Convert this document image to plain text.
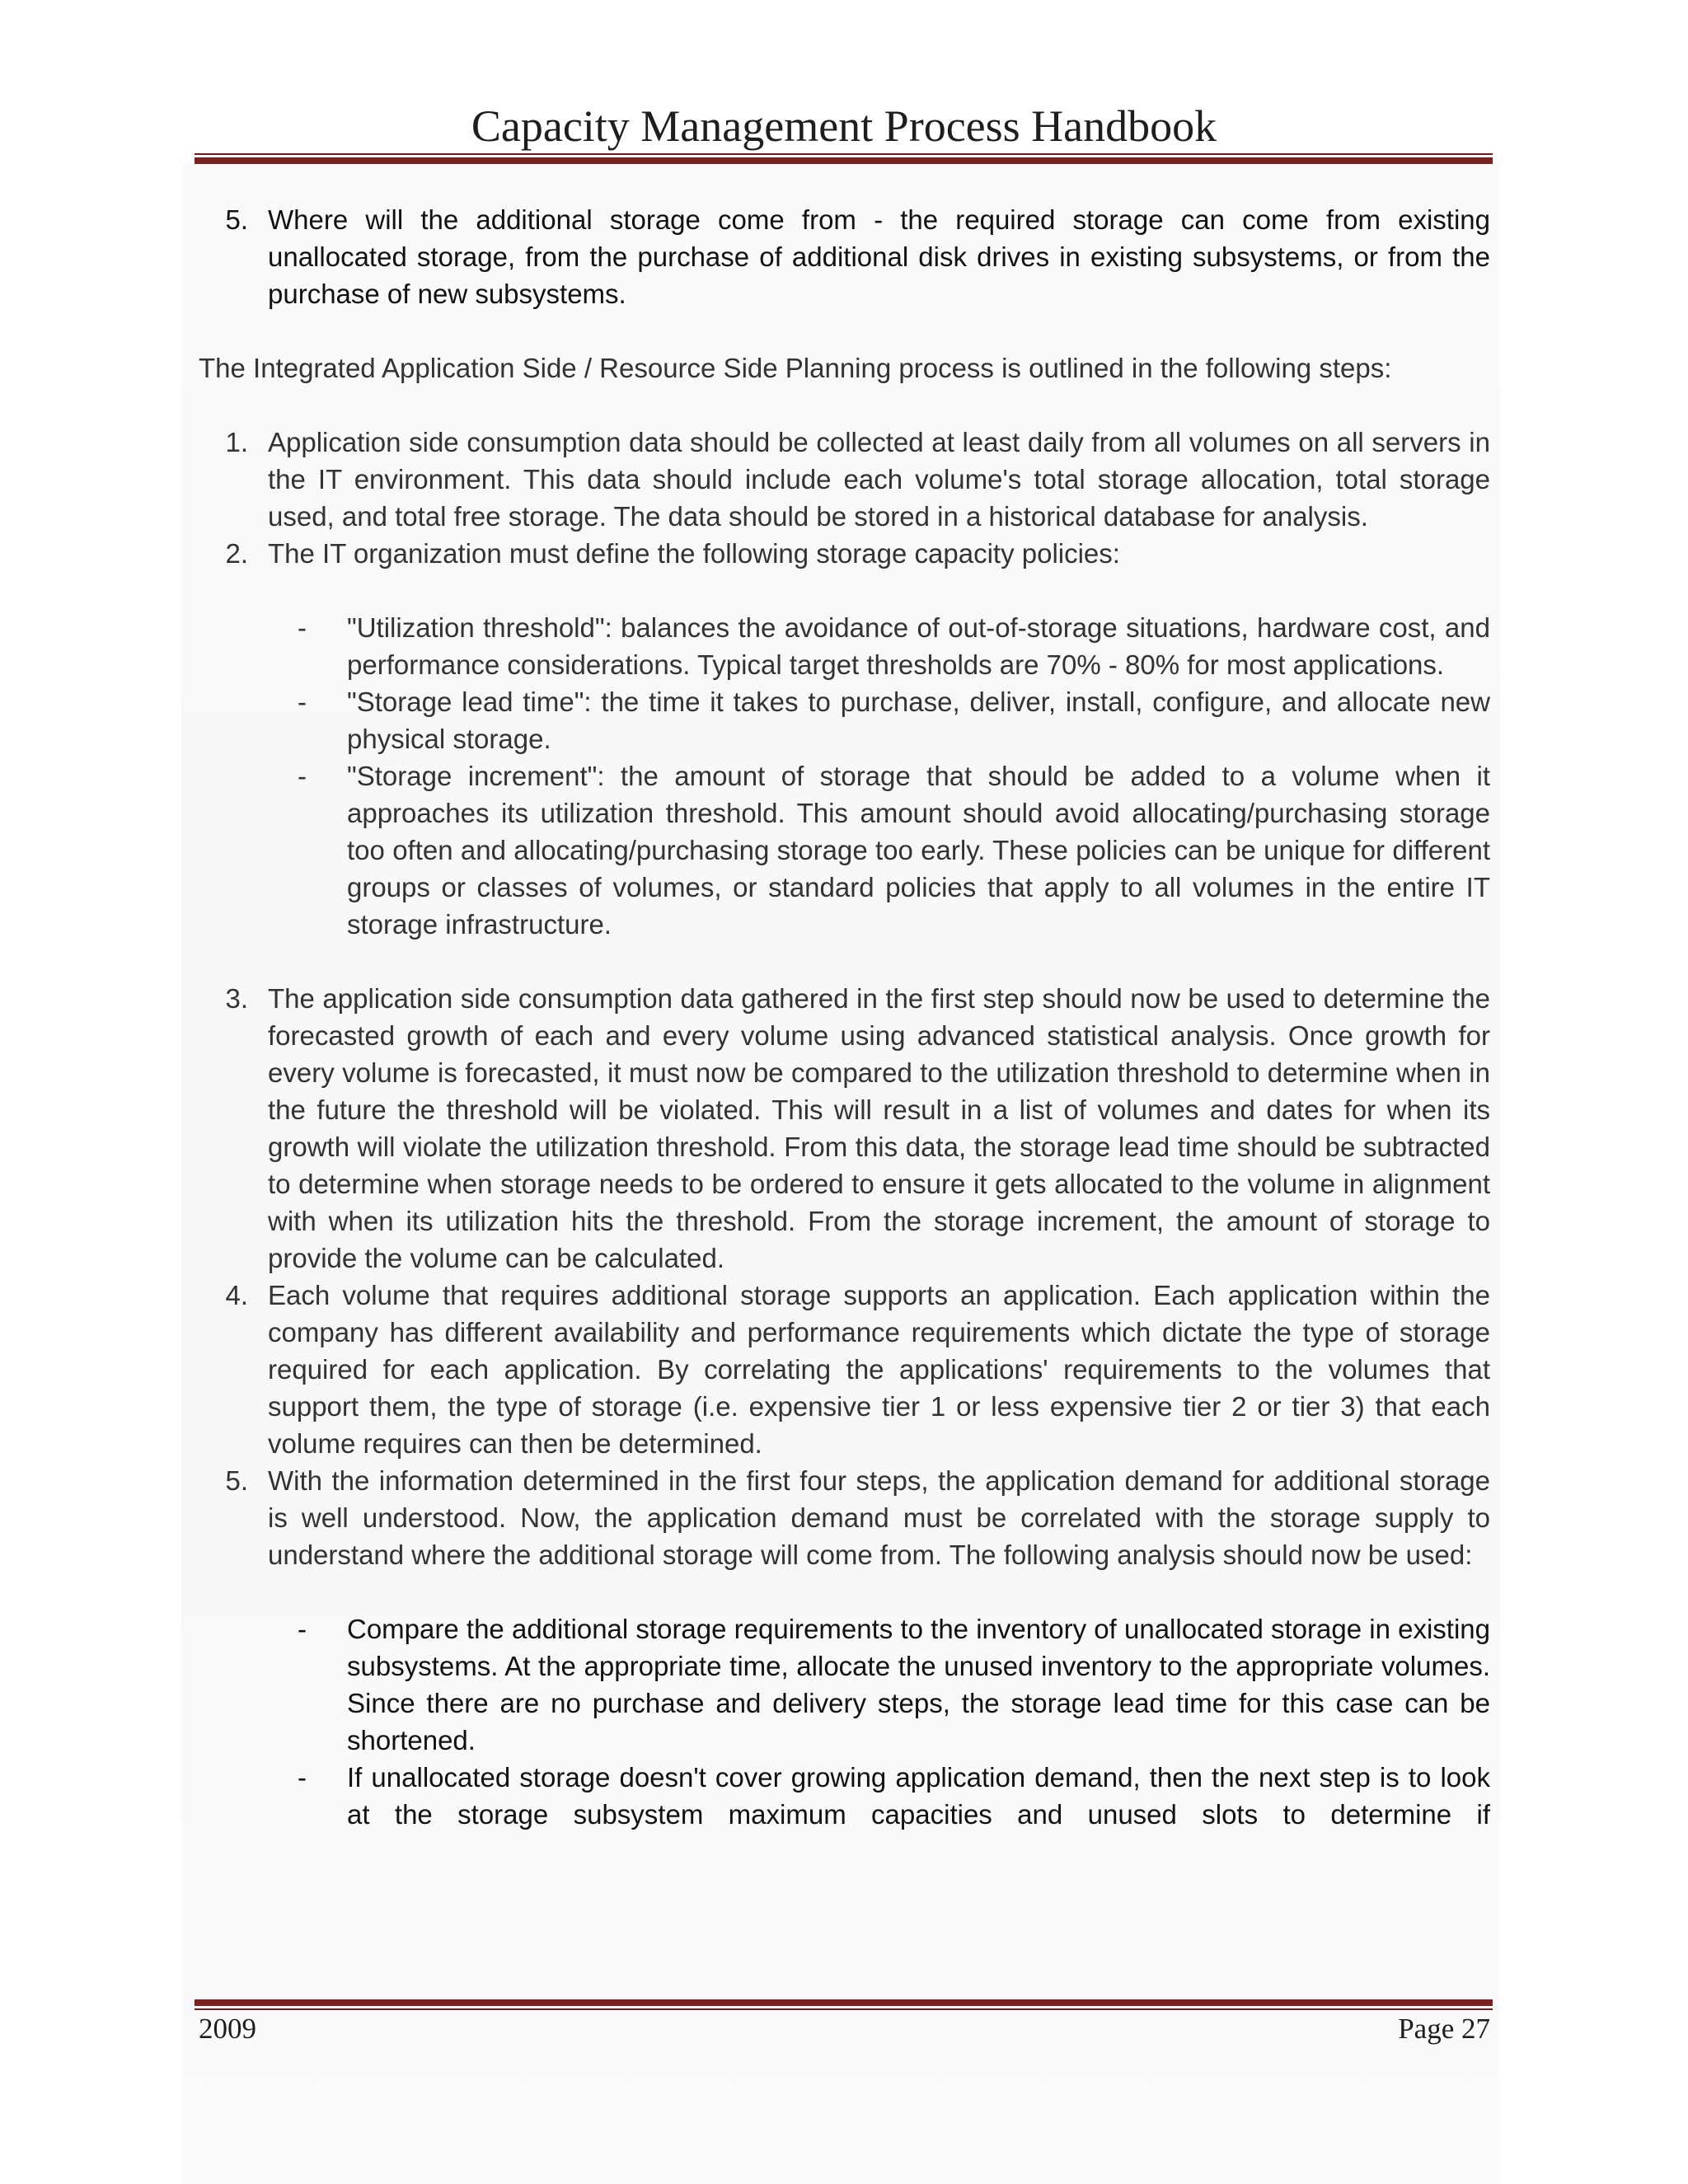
Capacity Management Process Handbook
5. Where will the additional storage come from - the required storage can come from existing unallocated storage, from the purchase of additional disk drives in existing subsystems, or from the purchase of new subsystems.

The Integrated Application Side / Resource Side Planning process is outlined in the following steps:

1. Application side consumption data should be collected at least daily from all volumes on all servers in the IT environment. This data should include each volume's total storage allocation, total storage used, and total free storage. The data should be stored in a historical database for analysis.
2. The IT organization must define the following storage capacity policies:
-	"Utilization threshold": balances the avoidance of out-of-storage situations, hardware cost, and performance considerations. Typical target thresholds are 70% - 80% for most applications.
-	"Storage lead time": the time it takes to purchase, deliver, install, configure, and allocate new physical storage.
-	"Storage increment": the amount of storage that should be added to a volume when it approaches its utilization threshold. This amount should avoid allocating/purchasing storage too often and allocating/purchasing storage too early. These policies can be unique for different groups or classes of volumes, or standard policies that apply to all volumes in the entire IT storage infrastructure.
3. The application side consumption data gathered in the first step should now be used to determine the forecasted growth of each and every volume using advanced statistical analysis. Once growth for every volume is forecasted, it must now be compared to the utilization threshold to determine when in the future the threshold will be violated. This will result in a list of volumes and dates for when its growth will violate the utilization threshold. From this data, the storage lead time should be subtracted to determine when storage needs to be ordered to ensure it gets allocated to the volume in alignment with when its utilization hits the threshold. From the storage increment, the amount of storage to provide the volume can be calculated.
4. Each volume that requires additional storage supports an application. Each application within the company has different availability and performance requirements which dictate the type of storage required for each application. By correlating the applications' requirements to the volumes that support them, the type of storage (i.e. expensive tier 1 or less expensive tier 2 or tier 3) that each volume requires can then be determined.
5. With the information determined in the first four steps, the application demand for additional storage is well understood. Now, the application demand must be correlated with the storage supply to understand where the additional storage will come from. The following analysis should now be used:
-	Compare the additional storage requirements to the inventory of unallocated storage in existing subsystems. At the appropriate time, allocate the unused inventory to the appropriate volumes. Since there are no purchase and delivery steps, the storage lead time for this case can be shortened.
-	If unallocated storage doesn't cover growing application demand, then the next step is to look at the storage subsystem maximum capacities and unused slots to determine if
2009	Page 27
